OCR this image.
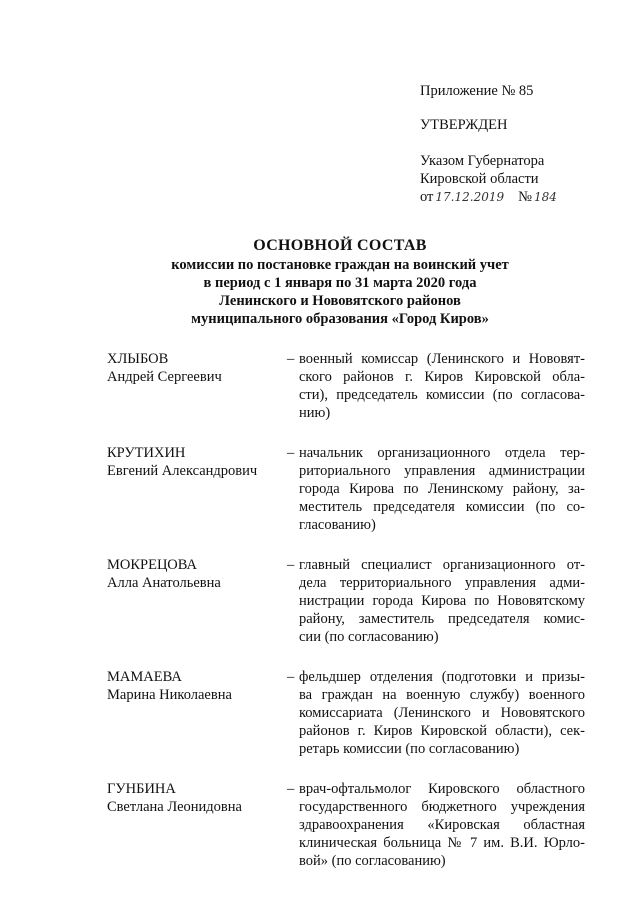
Приложение № 85
УТВЕРЖДЕН
Указом Губернатора
Кировской области
от 17.12.2019 № 184
ОСНОВНОЙ СОСТАВ
комиссии по постановке граждан на воинский учет
в период с 1 января по 31 марта 2020 года
Ленинского и Нововятского районов
муниципального образования «Город Киров»
ХЛЫБОВ
Андрей Сергеевич
– военный комиссар (Ленинского и Нововят-
ского районов г. Киров Кировской обла-
сти), председатель комиссии (по согласова-
нию)
КРУТИХИН
Евгений Александрович
– начальник организационного отдела тер-
риториального управления администрации
города Кирова по Ленинскому району, за-
меститель председателя комиссии (по со-
гласованию)
МОКРЕЦОВА
Алла Анатольевна
– главный специалист организационного от-
дела территориального управления адми-
нистрации города Кирова по Нововятскому
району, заместитель председателя комис-
сии (по согласованию)
МАМАЕВА
Марина Николаевна
– фельдшер отделения (подготовки и призы-
ва граждан на военную службу) военного
комиссариата (Ленинского и Нововятского
районов г. Киров Кировской области), сек-
ретарь комиссии (по согласованию)
ГУНБИНА
Светлана Леонидовна
– врач-офтальмолог Кировского областного
государственного бюджетного учреждения
здравоохранения «Кировская областная
клиническая больница № 7 им. В.И. Юрло-
вой» (по согласованию)
